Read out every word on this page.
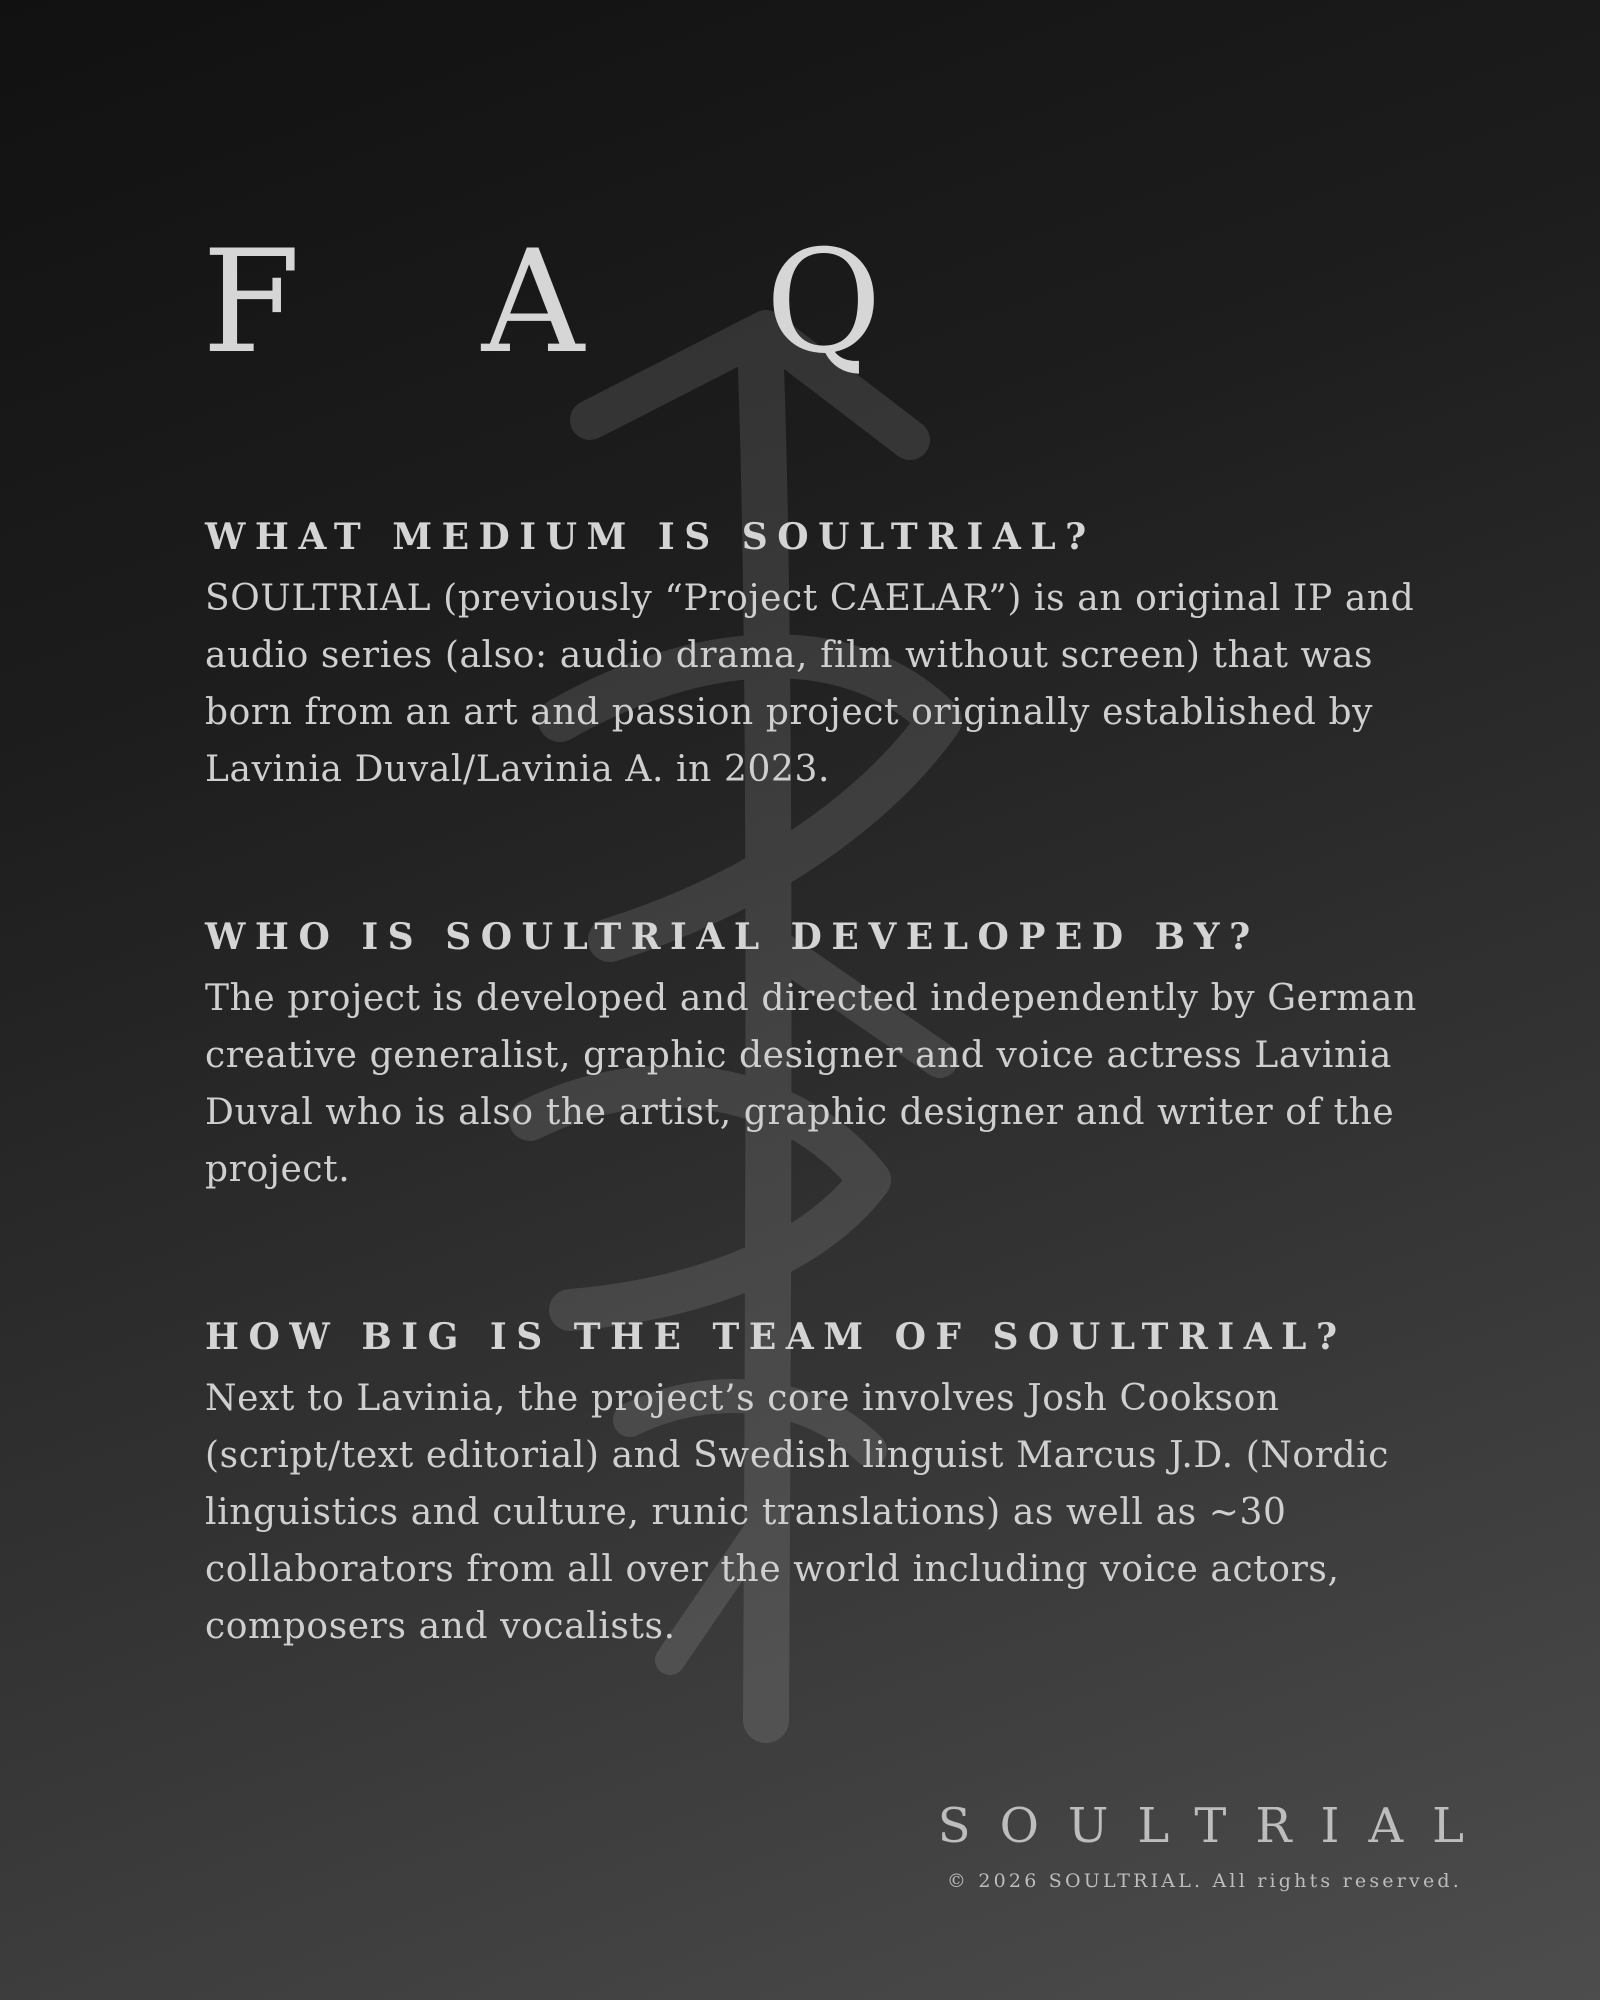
F A Q
WHAT MEDIUM IS SOULTRIAL?

SOULTRIAL (previously “Project CAELAR”) is an original IP and audio series (also: audio drama, film without screen) that was born from an art and passion project originally established by Lavinia Duval/Lavinia A. in 2023.

WHO IS SOULTRIAL DEVELOPED BY?

The project is developed and directed independently by German creative generalist, graphic designer and voice actress Lavinia Duval who is also the artist, graphic designer and writer of the project.

HOW BIG IS THE TEAM OF SOULTRIAL?

Next to Lavinia, the project’s core involves Josh Cookson (script/text editorial) and Swedish linguist Marcus J.D. (Nordic linguistics and culture, runic translations) as well as ~30 collaborators from all over the world including voice actors, composers and vocalists.

SOULTRIAL
© 2026 SOULTRIAL. All rights reserved.
